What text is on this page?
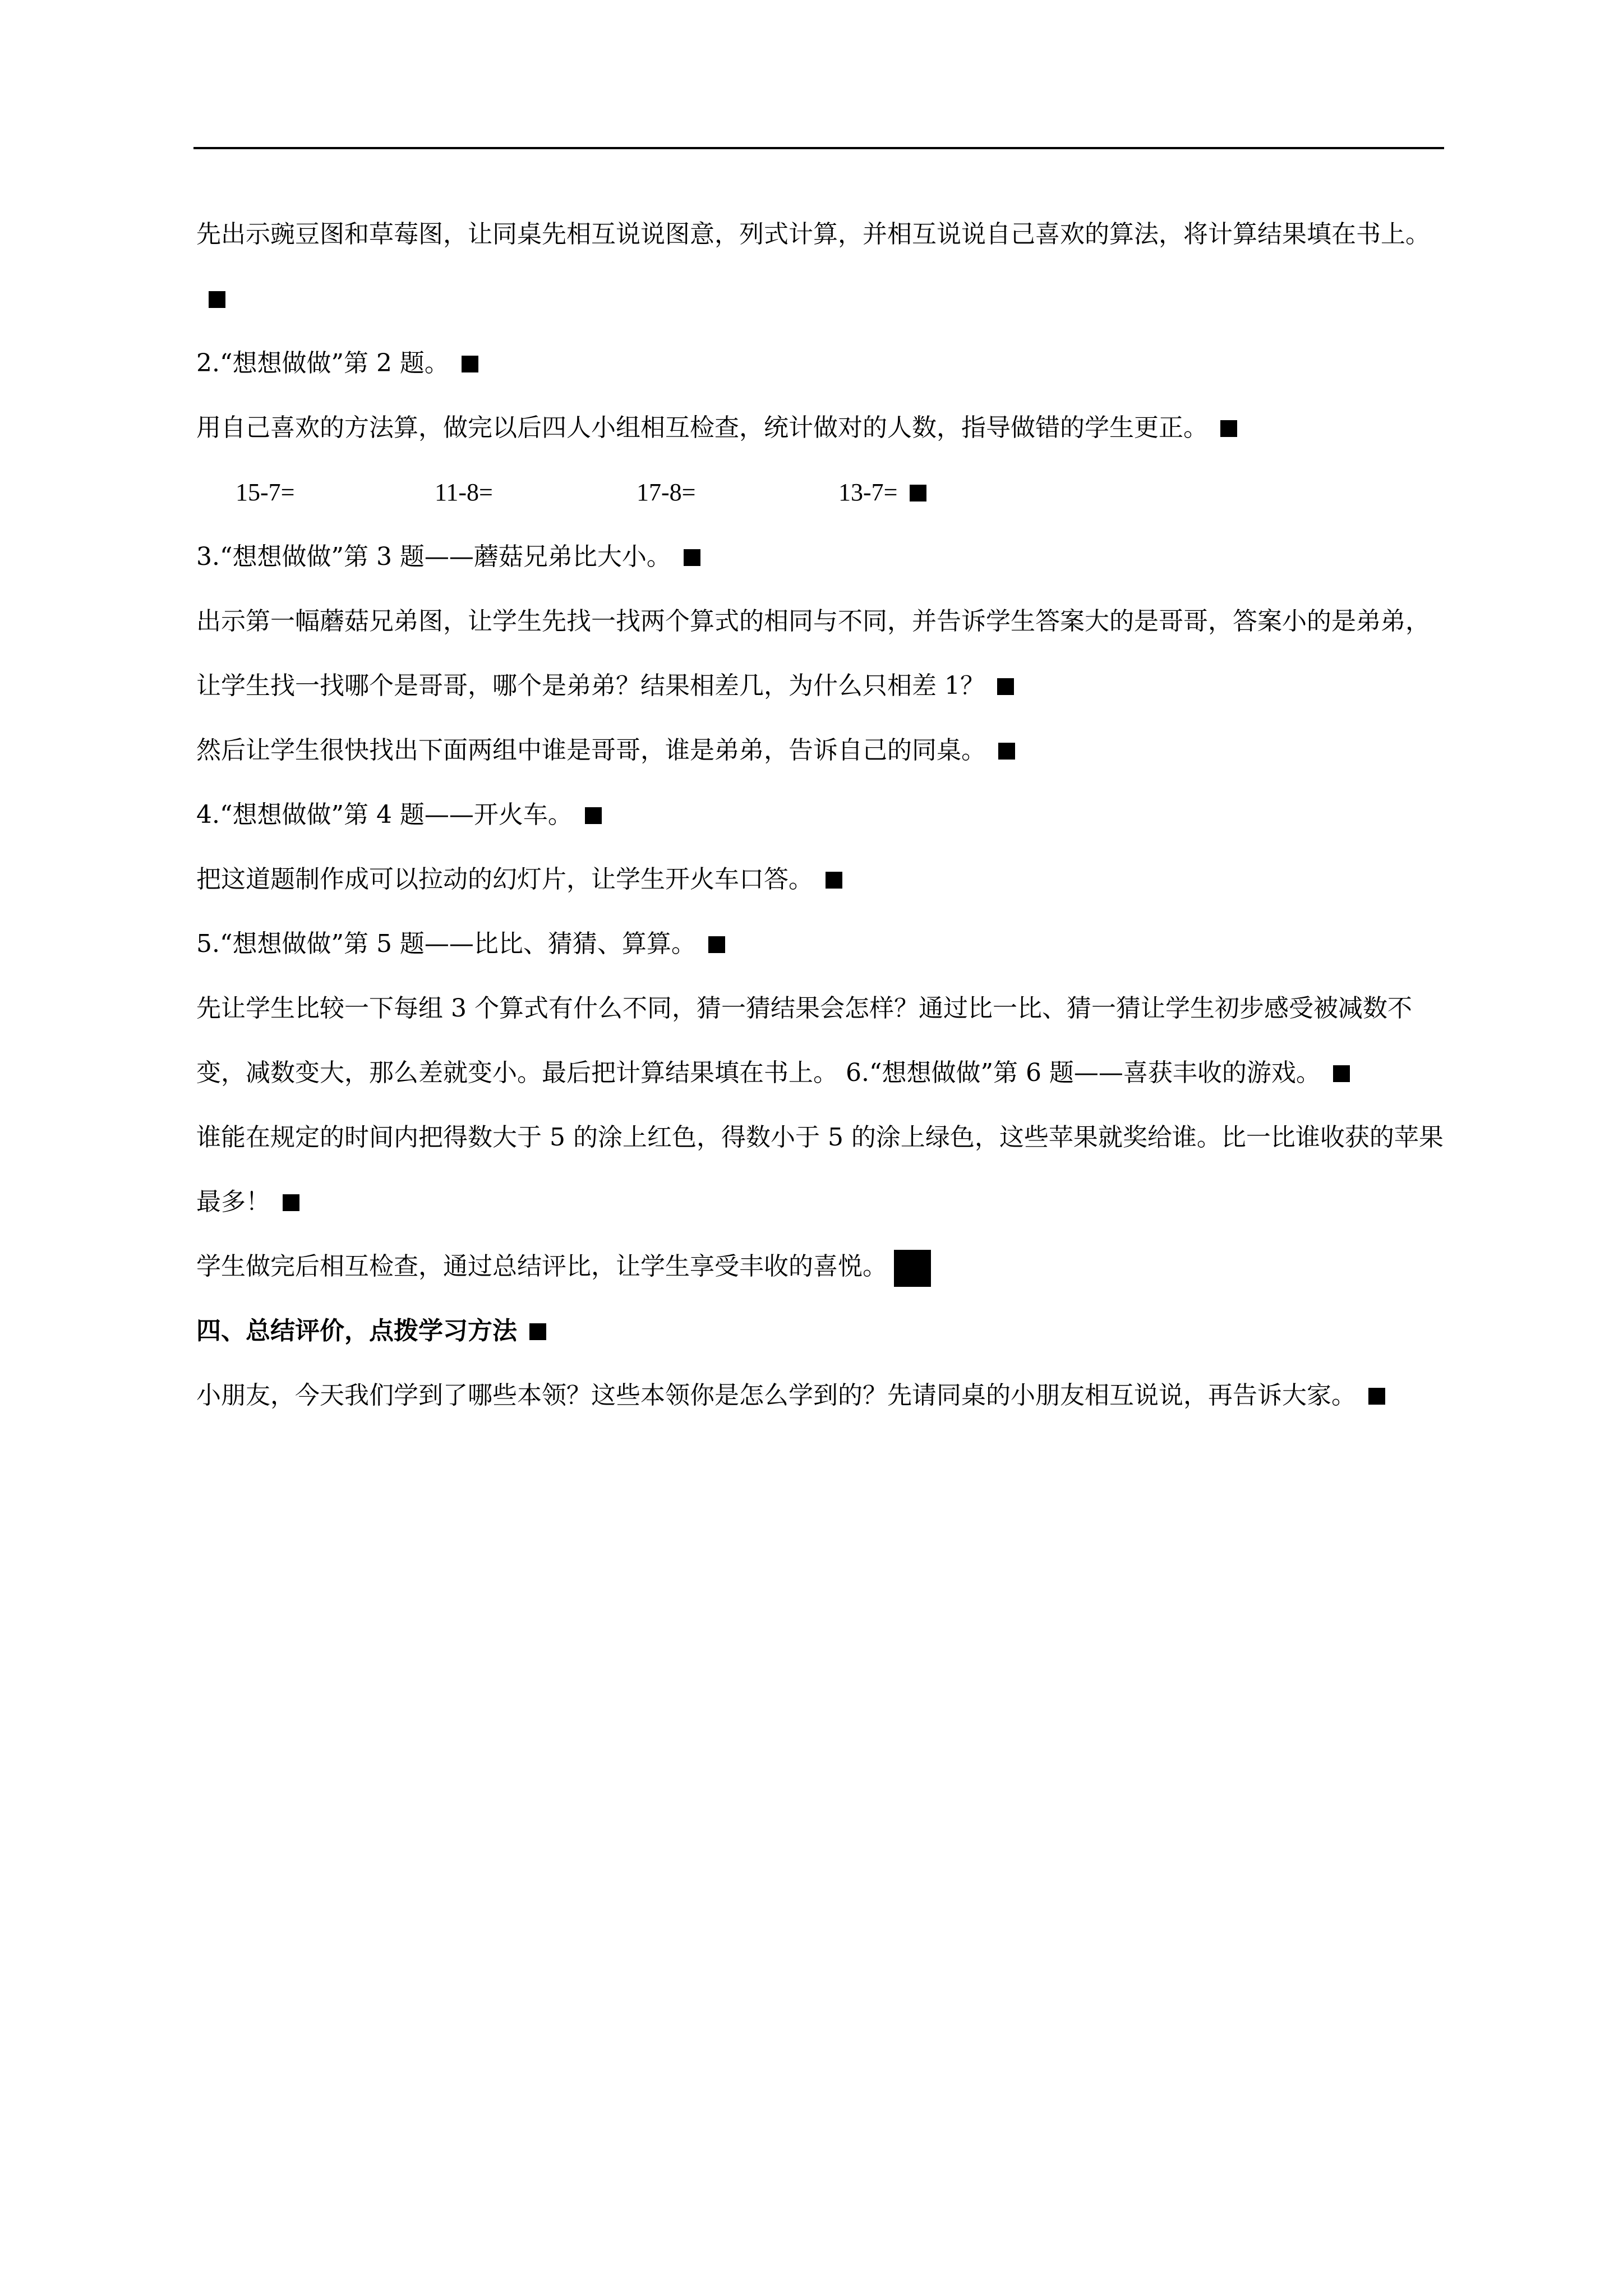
先出示豌豆图和草莓图，让同桌先相互说说图意，列式计算，并相互说说自己喜欢的算法，将计算结果填在书上。

2.“想想做做”第 2 题。

用自己喜欢的方法算，做完以后四人小组相互检查，统计做对的人数，指导做错的学生更正。

15-7=	11-8=	17-8=	13-7=

3.“想想做做”第 3 题——蘑菇兄弟比大小。

出示第一幅蘑菇兄弟图，让学生先找一找两个算式的相同与不同，并告诉学生答案大的是哥哥，答案小的是弟弟，让学生找一找哪个是哥哥，哪个是弟弟？结果相差几，为什么只相差 1？

然后让学生很快找出下面两组中谁是哥哥，谁是弟弟，告诉自己的同桌。

4.“想想做做”第 4 题——开火车。

把这道题制作成可以拉动的幻灯片，让学生开火车口答。

5.“想想做做”第 5 题——比比、猜猜、算算。

先让学生比较一下每组 3 个算式有什么不同，猜一猜结果会怎样？通过比一比、猜一猜让学生初步感受被减数不变，减数变大，那么差就变小。最后把计算结果填在书上。 6.“想想做做”第 6 题——喜获丰收的游戏。

谁能在规定的时间内把得数大于 5 的涂上红色，得数小于 5 的涂上绿色，这些苹果就奖给谁。比一比谁收获的苹果最多！

学生做完后相互检查，通过总结评比，让学生享受丰收的喜悦。

四、总结评价，点拨学习方法

小朋友，今天我们学到了哪些本领？这些本领你是怎么学到的？先请同桌的小朋友相互说说，再告诉大家。
